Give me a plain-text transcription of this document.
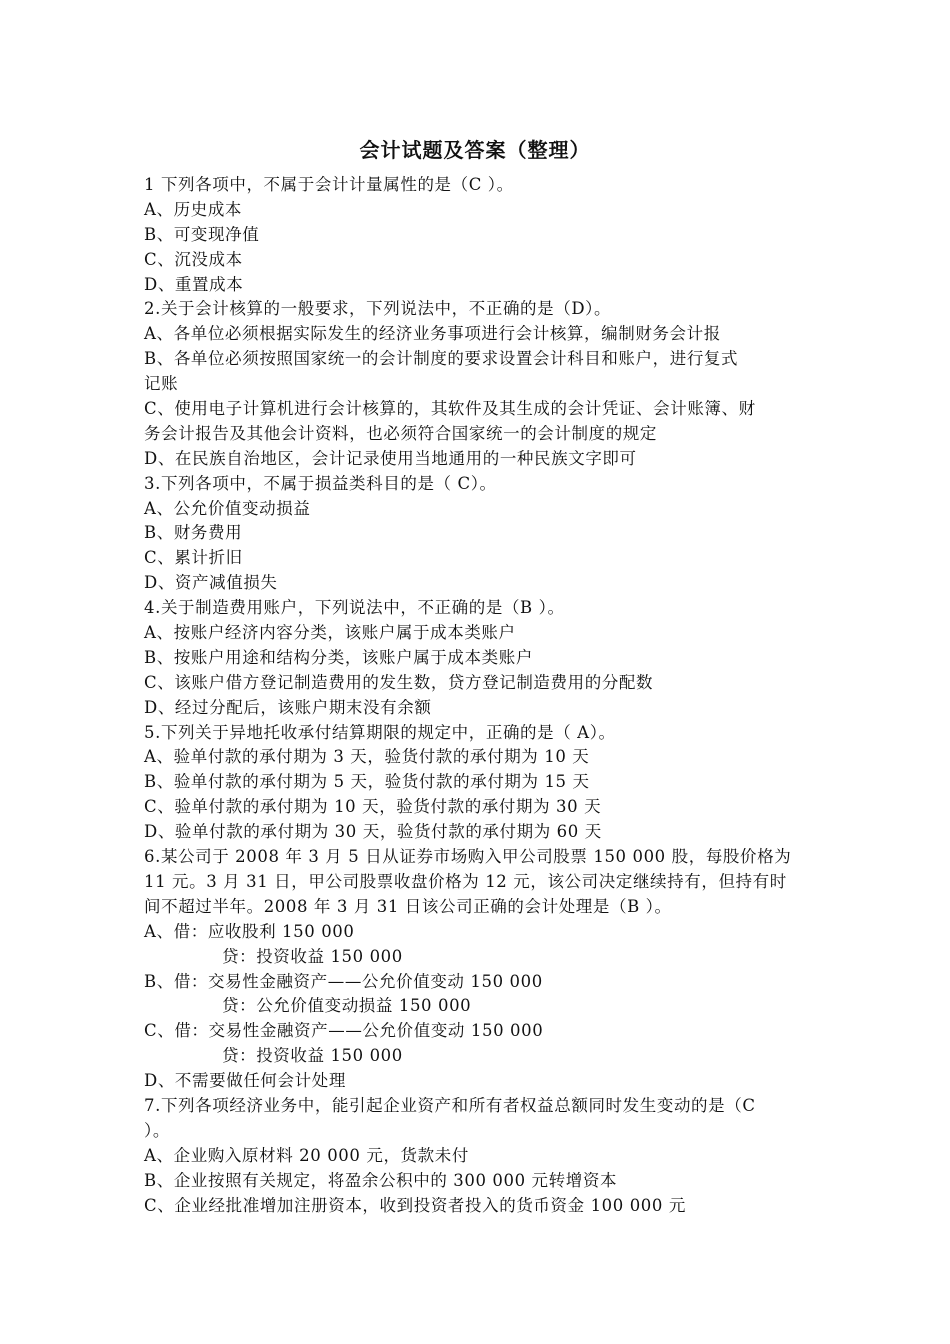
会计试题及答案（整理）
1 下列各项中，不属于会计计量属性的是（C ）。
A、历史成本
B、可变现净值
C、沉没成本
D、重置成本
2.关于会计核算的一般要求，下列说法中，不正确的是（D）。
A、各单位必须根据实际发生的经济业务事项进行会计核算，编制财务会计报
B、各单位必须按照国家统一的会计制度的要求设置会计科目和账户，进行复式
记账
C、使用电子计算机进行会计核算的，其软件及其生成的会计凭证、会计账簿、财
务会计报告及其他会计资料，也必须符合国家统一的会计制度的规定
D、在民族自治地区，会计记录使用当地通用的一种民族文字即可
3.下列各项中，不属于损益类科目的是（ C）。
A、公允价值变动损益
B、财务费用
C、累计折旧
D、资产减值损失
4.关于制造费用账户，下列说法中，不正确的是（B ）。
A、按账户经济内容分类，该账户属于成本类账户
B、按账户用途和结构分类，该账户属于成本类账户
C、该账户借方登记制造费用的发生数，贷方登记制造费用的分配数
D、经过分配后，该账户期末没有余额
5.下列关于异地托收承付结算期限的规定中，正确的是（ A）。
A、验单付款的承付期为 3 天，验货付款的承付期为 10 天
B、验单付款的承付期为 5 天，验货付款的承付期为 15 天
C、验单付款的承付期为 10 天，验货付款的承付期为 30 天
D、验单付款的承付期为 30 天，验货付款的承付期为 60 天
6.某公司于 2008 年 3 月 5 日从证券市场购入甲公司股票 150 000 股，每股价格为
11 元。3 月 31 日，甲公司股票收盘价格为 12 元，该公司决定继续持有，但持有时
间不超过半年。2008 年 3 月 31 日该公司正确的会计处理是（B ）。
A、借：应收股利 150 000
贷：投资收益 150 000
B、借：交易性金融资产——公允价值变动 150 000
贷：公允价值变动损益 150 000
C、借：交易性金融资产——公允价值变动 150 000
贷：投资收益 150 000
D、不需要做任何会计处理
7.下列各项经济业务中，能引起企业资产和所有者权益总额同时发生变动的是（C
）。
A、企业购入原材料 20 000 元，货款未付
B、企业按照有关规定，将盈余公积中的 300 000 元转增资本
C、企业经批准增加注册资本，收到投资者投入的货币资金 100 000 元
